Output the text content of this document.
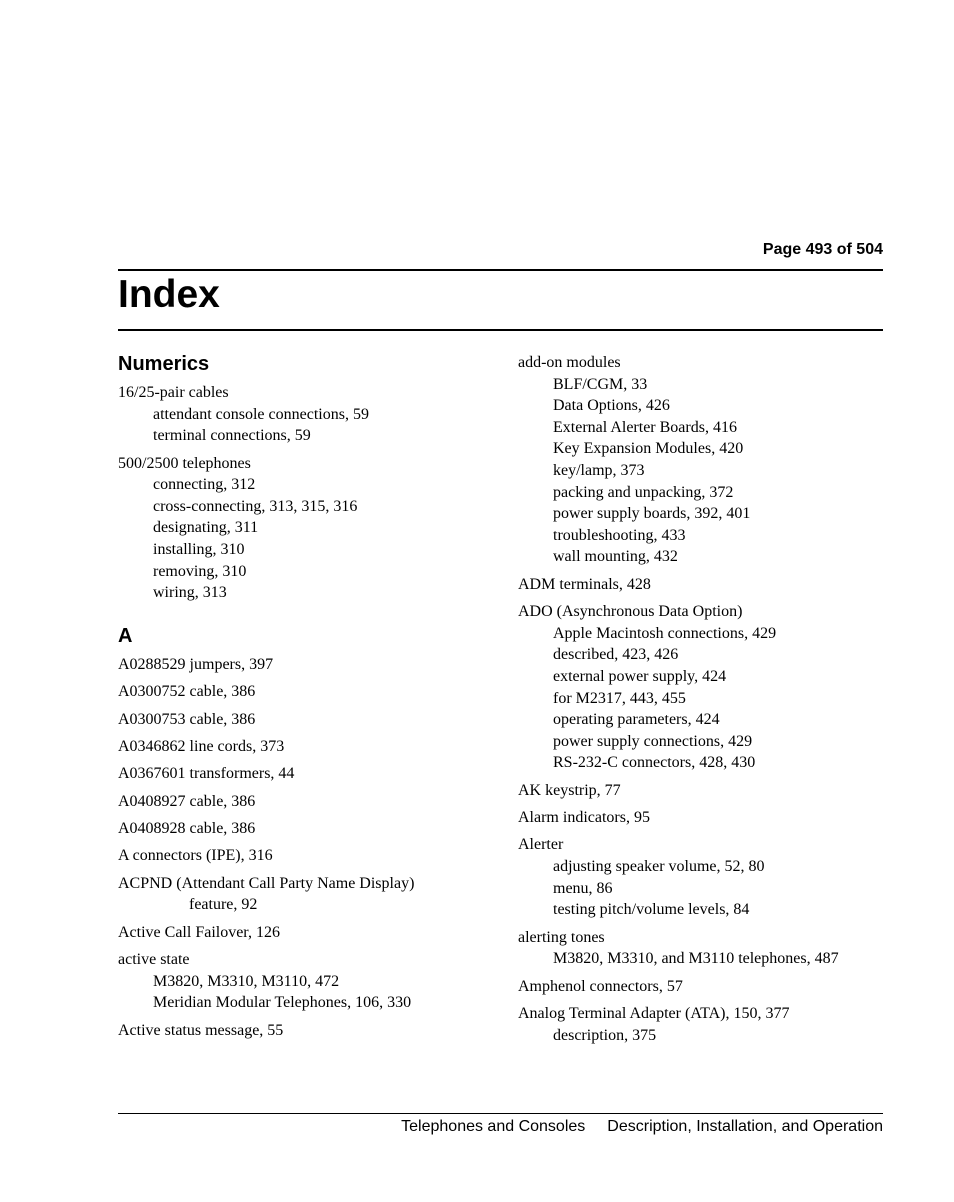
Page 493 of 504
Index
Numerics
16/25-pair cables
attendant console connections, 59
terminal connections, 59
500/2500 telephones
connecting, 312
cross-connecting, 313, 315, 316
designating, 311
installing, 310
removing, 310
wiring, 313
A
A0288529 jumpers, 397
A0300752 cable, 386
A0300753 cable, 386
A0346862 line cords, 373
A0367601 transformers, 44
A0408927 cable, 386
A0408928 cable, 386
A connectors (IPE), 316
ACPND (Attendant Call Party Name Display)
feature, 92
Active Call Failover, 126
active state
M3820, M3310, M3110, 472
Meridian Modular Telephones, 106, 330
Active status message, 55
add-on modules
BLF/CGM, 33
Data Options, 426
External Alerter Boards, 416
Key Expansion Modules, 420
key/lamp, 373
packing and unpacking, 372
power supply boards, 392, 401
troubleshooting, 433
wall mounting, 432
ADM terminals, 428
ADO (Asynchronous Data Option)
Apple Macintosh connections, 429
described, 423, 426
external power supply, 424
for M2317, 443, 455
operating parameters, 424
power supply connections, 429
RS-232-C connectors, 428, 430
AK keystrip, 77
Alarm indicators, 95
Alerter
adjusting speaker volume, 52, 80
menu, 86
testing pitch/volume levels, 84
alerting tones
M3820, M3310, and M3110 telephones, 487
Amphenol connectors, 57
Analog Terminal Adapter (ATA), 150, 377
description, 375
Telephones and Consoles Description, Installation, and Operation
